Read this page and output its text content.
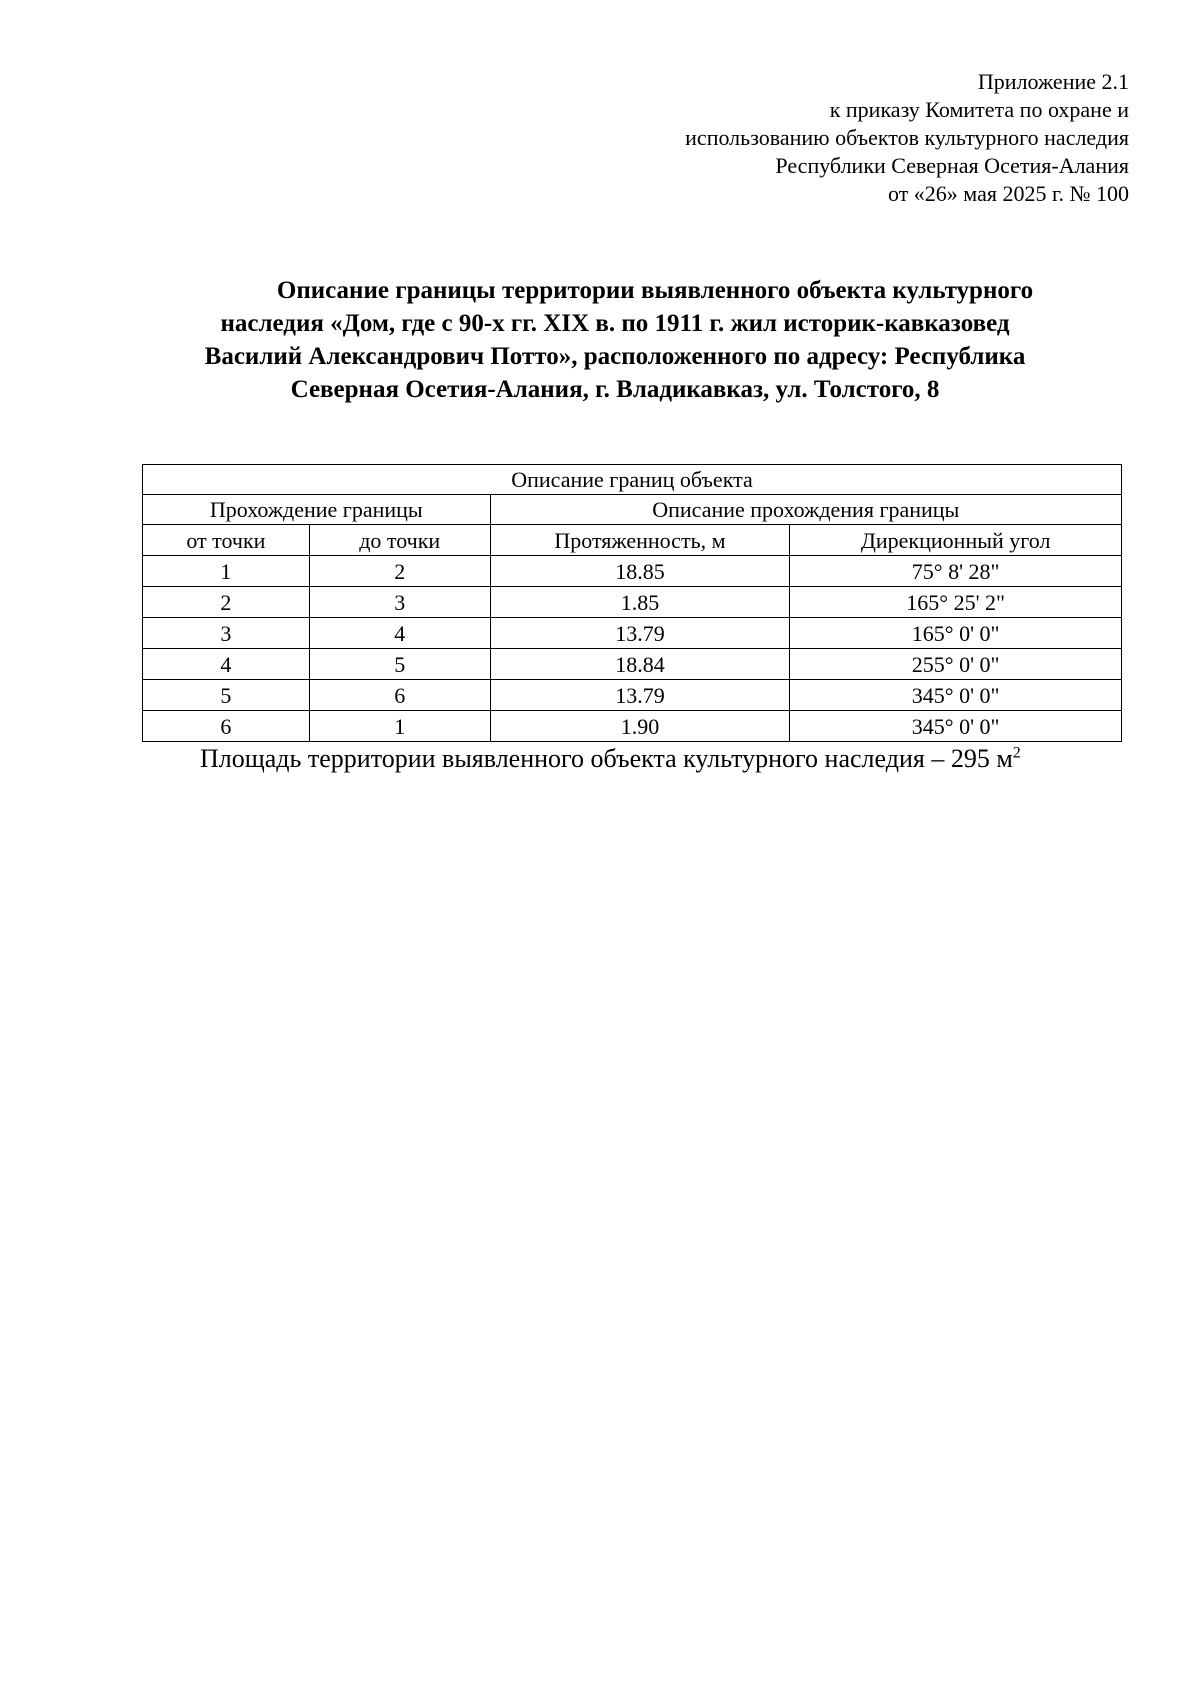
Приложение 2.1
к приказу Комитета по охране и
использованию объектов культурного наследия
Республики Северная Осетия-Алания
от «26» мая 2025 г. № 100
Описание границы территории выявленного объекта культурного
наследия «Дом, где с 90-х гг. XIX в. по 1911 г. жил историк-кавказовед
Василий Александрович Потто», расположенного по адресу: Республика
Северная Осетия-Алания, г. Владикавказ, ул. Толстого, 8
Описание границ объекта			
Прохождение границы		Описание прохождения границы	
от точки	до точки	Протяженность, м	Дирекционный угол
1	2	18.85	75° 8' 28"
2	3	1.85	165° 25' 2"
3	4	13.79	165° 0' 0"
4	5	18.84	255° 0' 0"
5	6	13.79	345° 0' 0"
6	1	1.90	345° 0' 0"
Площадь территории выявленного объекта культурного наследия – 295 $м^2$
